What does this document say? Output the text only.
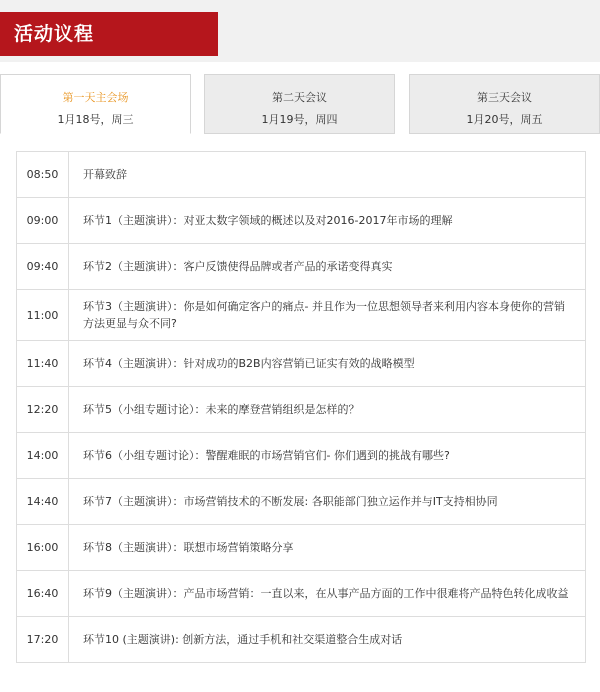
活动议程
第一天主会场
1月18号，周三
第二天会议
1月19号，周四
第三天会议
1月20号，周五
08:50	开幕致辞
09:00	环节1（主题演讲）：对亚太数字领域的概述以及对2016-2017年市场的理解
09:40	环节2（主题演讲）：客户反馈使得品牌或者产品的承诺变得真实
11:00	环节3（主题演讲）：你是如何确定客户的痛点- 并且作为一位思想领导者来利用内容本身使你的营销方法更显与众不同?
11:40	环节4（主题演讲）：针对成功的B2B内容营销已证实有效的战略模型
12:20	环节5（小组专题讨论）：未来的摩登营销组织是怎样的？
14:00	环节6（小组专题讨论）：警醒难眠的市场营销官们- 你们遇到的挑战有哪些?
14:40	环节7（主题演讲）：市场营销技术的不断发展: 各职能部门独立运作并与IT支持相协同
16:00	环节8（主题演讲）：联想市场营销策略分享
16:40	环节9（主题演讲）：产品市场营销：一直以来，在从事产品方面的工作中很难将产品特色转化成收益
17:20	环节10 (主题演讲): 创新方法，通过手机和社交渠道整合生成对话
